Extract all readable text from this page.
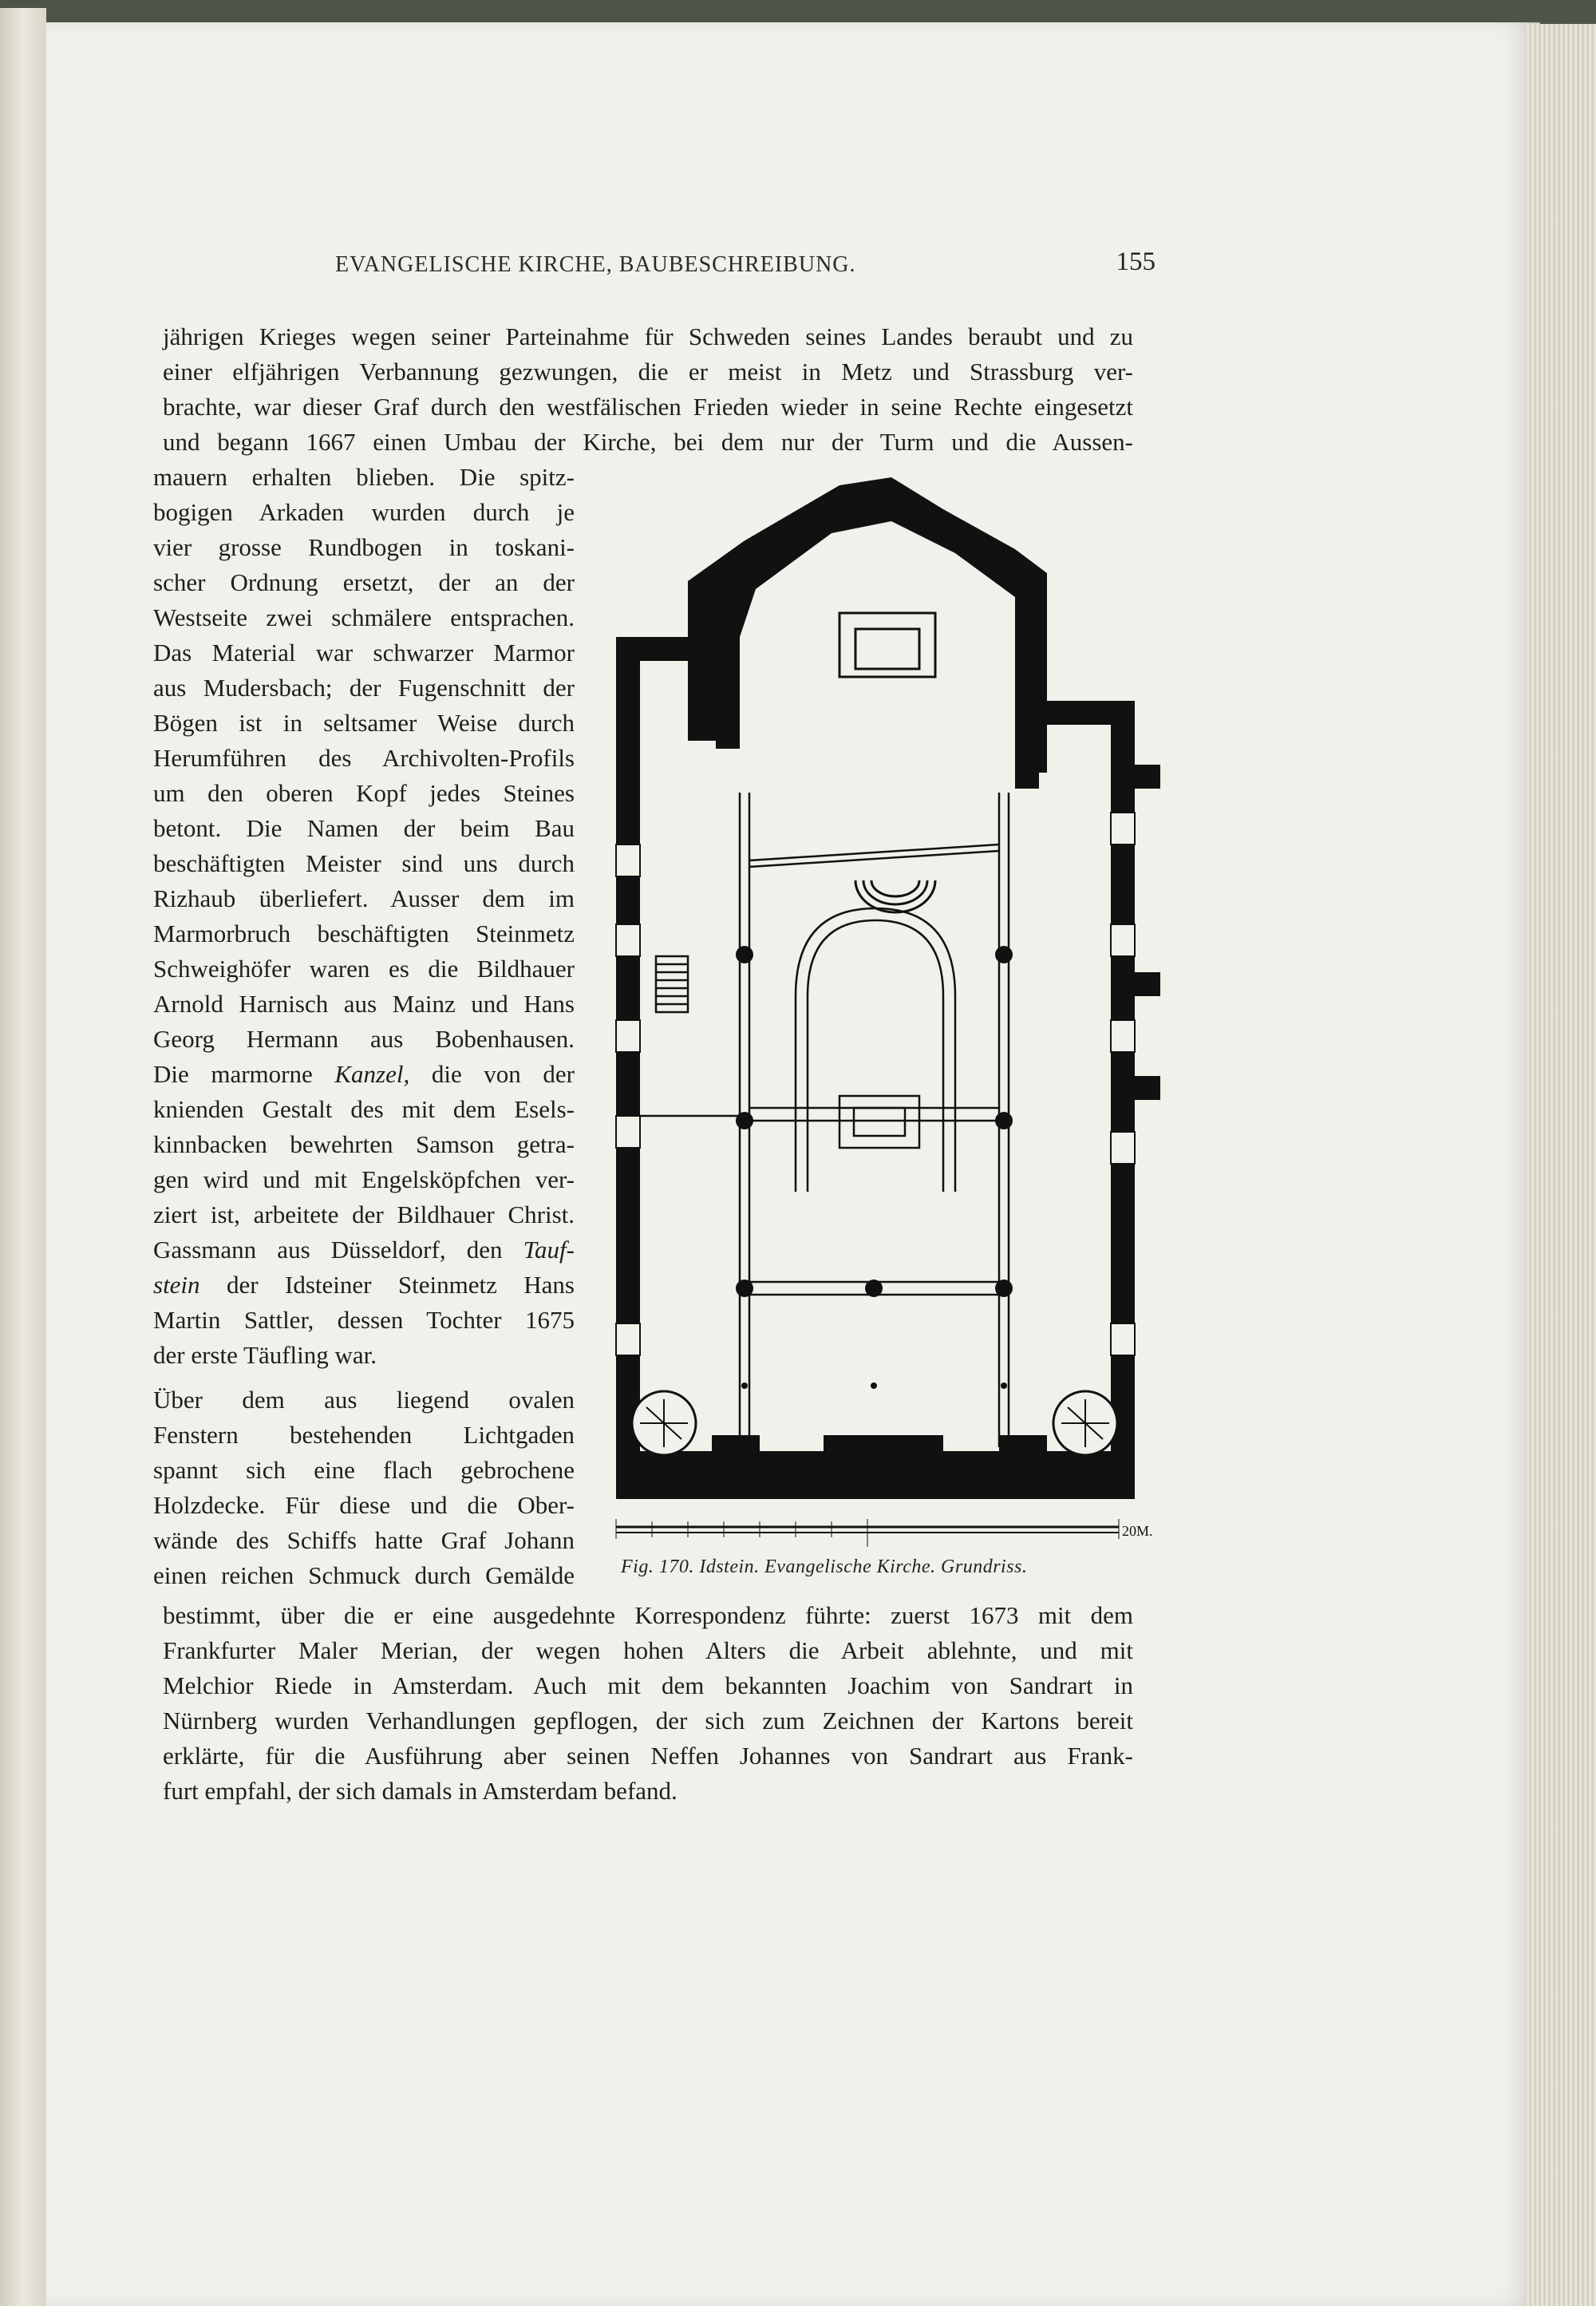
EVANGELISCHE KIRCHE, BAUBESCHREIBUNG.	155
jährigen Krieges wegen seiner Parteinahme für Schweden seines Landes beraubt und zu
einer elfjährigen Verbannung gezwungen, die er meist in Metz und Strassburg ver-
brachte, war dieser Graf durch den westfälischen Frieden wieder in seine Rechte eingesetzt
und begann 1667 einen Umbau der Kirche, bei dem nur der Turm und die Aussen-
mauern erhalten blieben. Die spitz-
bogigen Arkaden wurden durch je
vier grosse Rundbogen in toskani-
scher Ordnung ersetzt, der an der
Westseite zwei schmälere entsprachen.
Das Material war schwarzer Marmor
aus Mudersbach; der Fugenschnitt der
Bögen ist in seltsamer Weise durch
Herumführen des Archivolten-Profils
um den oberen Kopf jedes Steines
betont. Die Namen der beim Bau
beschäftigten Meister sind uns durch
Rizhaub überliefert. Ausser dem im
Marmorbruch beschäftigten Steinmetz
Schweighöfer waren es die Bildhauer
Arnold Harnisch aus Mainz und Hans
Georg Hermann aus Bobenhausen.
Die marmorne Kanzel, die von der
knienden Gestalt des mit dem Esels-
kinnbacken bewehrten Samson getra-
gen wird und mit Engelsköpfchen ver-
ziert ist, arbeitete der Bildhauer Christ.
Gassmann aus Düsseldorf, den Tauf-
stein der Idsteiner Steinmetz Hans
Martin Sattler, dessen Tochter 1675
der erste Täufling war.
Über dem aus liegend ovalen
Fenstern bestehenden Lichtgaden
spannt sich eine flach gebrochene
Holzdecke. Für diese und die Ober-
wände des Schiffs hatte Graf Johann
einen reichen Schmuck durch Gemälde
bestimmt, über die er eine ausgedehnte Korrespondenz führte: zuerst 1673 mit dem
Frankfurter Maler Merian, der wegen hohen Alters die Arbeit ablehnte, und mit
Melchior Riede in Amsterdam. Auch mit dem bekannten Joachim von Sandrart in
Nürnberg wurden Verhandlungen gepflogen, der sich zum Zeichnen der Kartons bereit
erklärte, für die Ausführung aber seinen Neffen Johannes von Sandrart aus Frank-
furt empfahl, der sich damals in Amsterdam befand.
20M.
Fig. 170. Idstein. Evangelische Kirche. Grundriss.
